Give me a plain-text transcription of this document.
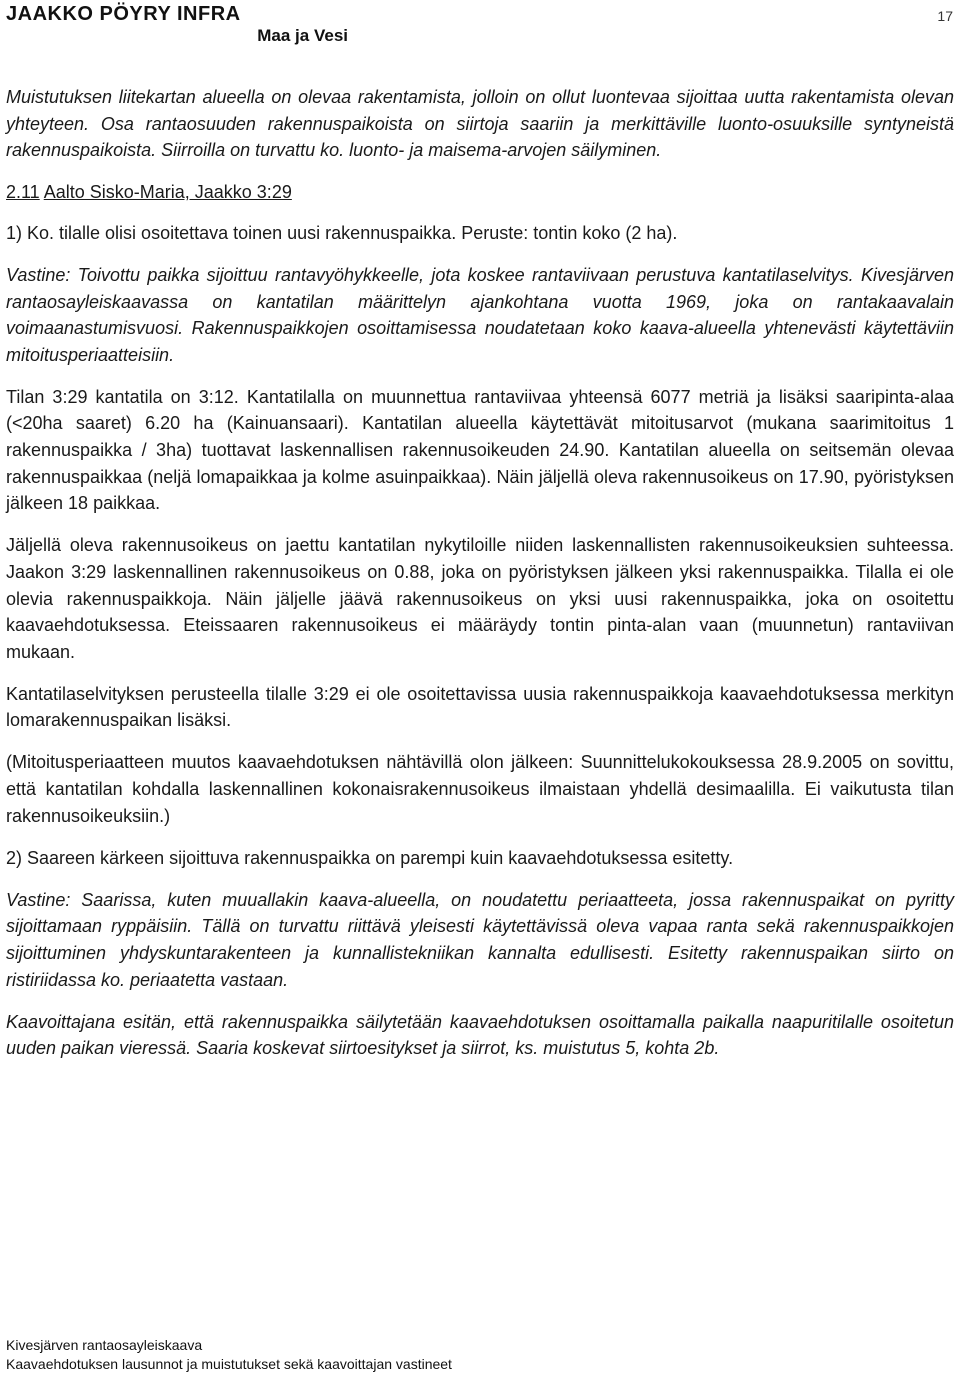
JAAKKO PÖYRY INFRA
Maa ja Vesi
17

Muistutuksen liitekartan alueella on olevaa rakentamista, jolloin on ollut luontevaa sijoittaa uutta rakentamista olevan yhteyteen. Osa rantaosuuden rakennuspaikoista on siirtoja saariin ja merkittäville luonto-osuuksille syntyneistä rakennuspaikoista. Siirroilla on turvattu ko. luonto- ja maisema-arvojen säilyminen.

2.11 Aalto Sisko-Maria, Jaakko 3:29

1) Ko. tilalle olisi osoitettava toinen uusi rakennuspaikka. Peruste: tontin koko (2 ha).

Vastine: Toivottu paikka sijoittuu rantavyöhykkeelle, jota koskee rantaviivaan perustuva kantatilaselvitys. Kivesjärven rantaosayleiskaavassa on kantatilan määrittelyn ajankohtana vuotta 1969, joka on rantakaavalain voimaanastumisvuosi. Rakennuspaikkojen osoittamisessa noudatetaan koko kaava-alueella yhtenevästi käytettäviin mitoitusperiaatteisiin.

Tilan 3:29 kantatila on 3:12. Kantatilalla on muunnettua rantaviivaa yhteensä 6077 metriä ja lisäksi saaripinta-alaa (<20ha saaret) 6.20 ha (Kainuansaari). Kantatilan alueella käytettävät mitoitusarvot (mukana saarimitoitus 1 rakennuspaikka / 3ha) tuottavat laskennallisen rakennusoikeuden 24.90. Kantatilan alueella on seitsemän olevaa rakennuspaikkaa (neljä lomapaikkaa ja kolme asuinpaikkaa). Näin jäljellä oleva rakennusoikeus on 17.90, pyöristyksen jälkeen 18 paikkaa.

Jäljellä oleva rakennusoikeus on jaettu kantatilan nykytiloille niiden laskennallisten rakennusoikeuksien suhteessa. Jaakon 3:29 laskennallinen rakennusoikeus on 0.88, joka on pyöristyksen jälkeen yksi rakennuspaikka. Tilalla ei ole olevia rakennuspaikkoja. Näin jäljelle jäävä rakennusoikeus on yksi uusi rakennuspaikka, joka on osoitettu kaavaehdotuksessa. Eteissaaren rakennusoikeus ei määräydy tontin pinta-alan vaan (muunnetun) rantaviivan mukaan.

Kantatilaselvityksen perusteella tilalle 3:29 ei ole osoitettavissa uusia rakennuspaikkoja kaavaehdotuksessa merkityn lomarakennuspaikan lisäksi.

(Mitoitusperiaatteen muutos kaavaehdotuksen nähtävillä olon jälkeen: Suunnittelukokouksessa 28.9.2005 on sovittu, että kantatilan kohdalla laskennallinen kokonaisrakennusoikeus ilmaistaan yhdellä desimaalilla. Ei vaikutusta tilan rakennusoikeuksiin.)

2) Saareen kärkeen sijoittuva rakennuspaikka on parempi kuin kaavaehdotuksessa esitetty.

Vastine: Saarissa, kuten muuallakin kaava-alueella, on noudatettu periaatteeta, jossa rakennuspaikat on pyritty sijoittamaan ryppäisiin. Tällä on turvattu riittävä yleisesti käytettävissä oleva vapaa ranta sekä rakennuspaikkojen sijoittuminen yhdyskuntarakenteen ja kunnallistekniikan kannalta edullisesti. Esitetty rakennuspaikan siirto on ristiriidassa ko. periaatetta vastaan.

Kaavoittajana esitän, että rakennuspaikka säilytetään kaavaehdotuksen osoittamalla paikalla naapuritilalle osoitetun uuden paikan vieressä. Saaria koskevat siirtoesitykset ja siirrot, ks. muistutus 5, kohta 2b.

Kivesjärven rantaosayleiskaava
Kaavaehdotuksen lausunnot ja muistutukset sekä kaavoittajan vastineet
